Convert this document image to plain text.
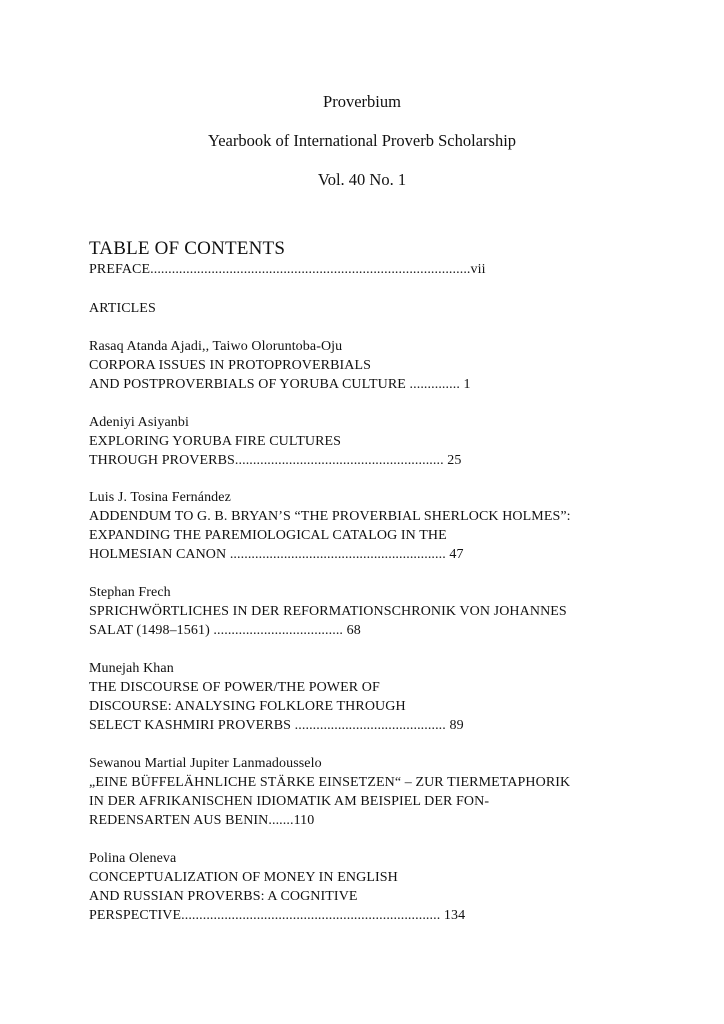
Proverbium
Yearbook of International Proverb Scholarship
Vol. 40 No. 1
TABLE OF CONTENTS
PREFACE.........................................................................................vii
ARTICLES
Rasaq Atanda Ajadi,, Taiwo Oloruntoba-Oju
CORPORA ISSUES IN PROTOPROVERBIALS
AND POSTPROVERBIALS OF YORUBA CULTURE .............. 1
Adeniyi Asiyanbi
EXPLORING YORUBA FIRE CULTURES
THROUGH PROVERBS.......................................................... 25
Luis J. Tosina Fernández
ADDENDUM TO G. B. BRYAN’S “THE PROVERBIAL SHERLOCK HOLMES”:
EXPANDING THE PAREMIOLOGICAL CATALOG IN THE
HOLMESIAN CANON ............................................................ 47
Stephan Frech
SPRICHWÖRTLICHES IN DER REFORMATIONSCHRONIK VON JOHANNES
SALAT (1498–1561) .................................... 68
Munejah Khan
THE DISCOURSE OF POWER/THE POWER OF
DISCOURSE: ANALYSING FOLKLORE THROUGH
SELECT KASHMIRI PROVERBS .......................................... 89
Sewanou Martial Jupiter Lanmadousselo
„EINE BÜFFELÄHNLICHE STÄRKE EINSETZEN“ – ZUR TIERMETAPHORIK
IN DER AFRIKANISCHEN IDIOMATIK AM BEISPIEL DER FON-
REDENSARTEN AUS BENIN.......110
Polina Oleneva
CONCEPTUALIZATION OF MONEY IN ENGLISH
AND RUSSIAN PROVERBS: A COGNITIVE
PERSPECTIVE........................................................................ 134
